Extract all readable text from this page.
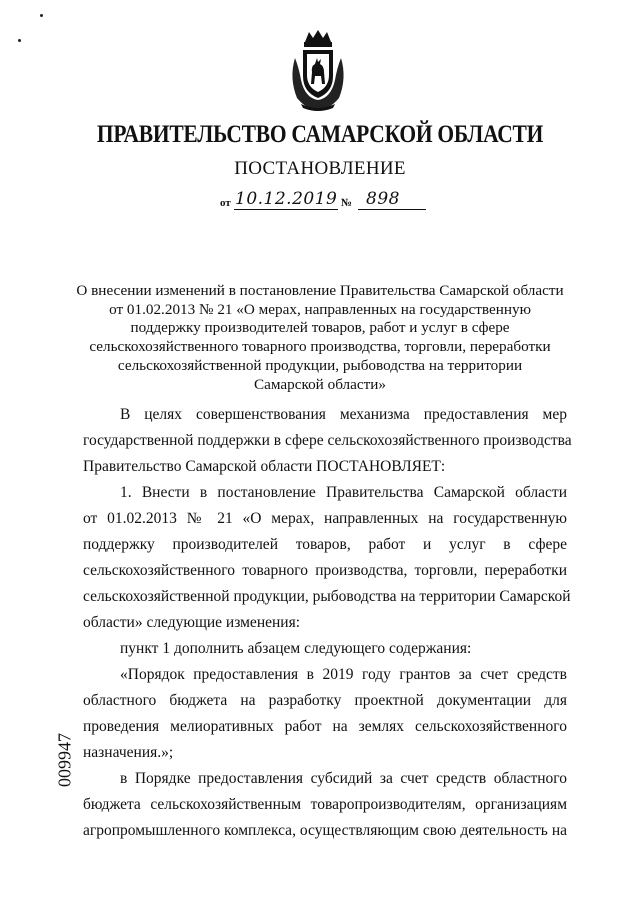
ПРАВИТЕЛЬСТВО САМАРСКОЙ ОБЛАСТИ
ПОСТАНОВЛЕНИЕ
от 10.12.2019 № 898
О внесении изменений в постановление Правительства Самарской области
от 01.02.2013 № 21 «О мерах, направленных на государственную
поддержку производителей товаров, работ и услуг в сфере
сельскохозяйственного товарного производства, торговли, переработки
сельскохозяйственной продукции, рыбоводства на территории
Самарской области»
В целях совершенствования механизма предоставления мер
государственной поддержки в сфере сельскохозяйственного производства
Правительство Самарской области ПОСТАНОВЛЯЕТ:
1. Внести в постановление Правительства Самарской области
от 01.02.2013 № 21 «О мерах, направленных на государственную
поддержку производителей товаров, работ и услуг в сфере
сельскохозяйственного товарного производства, торговли, переработки
сельскохозяйственной продукции, рыбоводства на территории Самарской
области» следующие изменения:
пункт 1 дополнить абзацем следующего содержания:
«Порядок предоставления в 2019 году грантов за счет средств
областного бюджета на разработку проектной документации для
проведения мелиоративных работ на землях сельскохозяйственного
назначения.»;
в Порядке предоставления субсидий за счет средств областного
бюджета сельскохозяйственным товаропроизводителям, организациям
агропромышленного комплекса, осуществляющим свою деятельность на
009947
